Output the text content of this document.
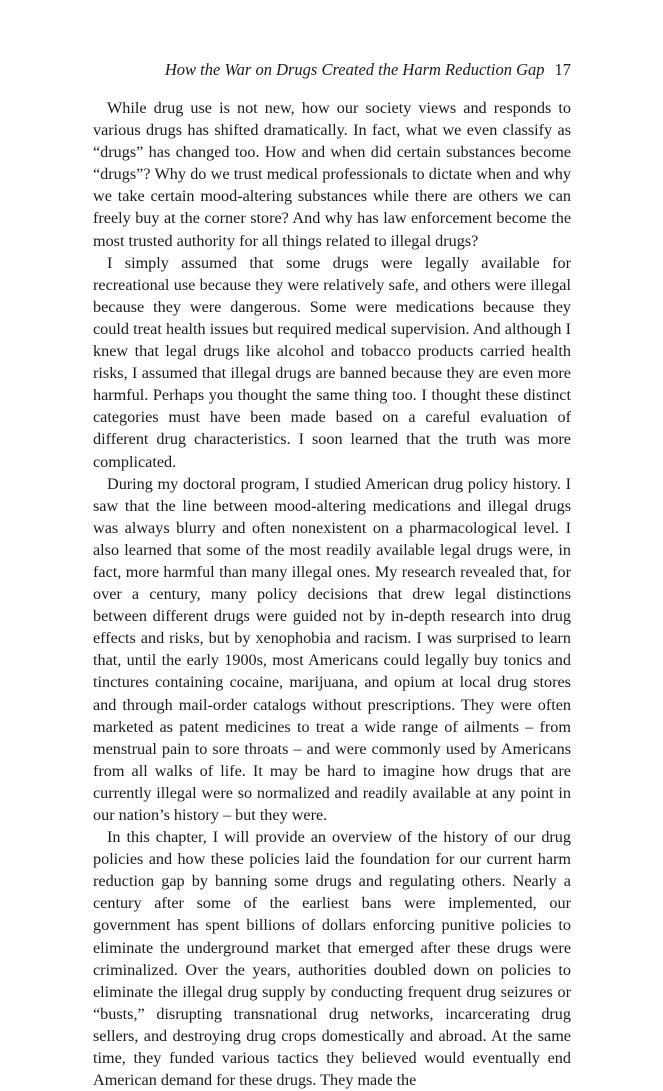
How the War on Drugs Created the Harm Reduction Gap 17

While drug use is not new, how our society views and responds to various drugs has shifted dramatically. In fact, what we even classify as “drugs” has changed too. How and when did certain substances become “drugs”? Why do we trust medical professionals to dictate when and why we take certain mood-altering substances while there are others we can freely buy at the corner store? And why has law enforcement become the most trusted authority for all things related to illegal drugs?

I simply assumed that some drugs were legally available for recreational use because they were relatively safe, and others were illegal because they were dangerous. Some were medications because they could treat health issues but required medical supervision. And although I knew that legal drugs like alcohol and tobacco products carried health risks, I assumed that illegal drugs are banned because they are even more harmful. Perhaps you thought the same thing too. I thought these distinct categories must have been made based on a careful evaluation of different drug characteristics. I soon learned that the truth was more complicated.

During my doctoral program, I studied American drug policy history. I saw that the line between mood-altering medications and illegal drugs was always blurry and often nonexistent on a pharmacological level. I also learned that some of the most readily available legal drugs were, in fact, more harmful than many illegal ones. My research revealed that, for over a century, many policy decisions that drew legal distinctions between different drugs were guided not by in-depth research into drug effects and risks, but by xenophobia and racism. I was surprised to learn that, until the early 1900s, most Americans could legally buy tonics and tinctures containing cocaine, marijuana, and opium at local drug stores and through mail-order catalogs without prescriptions. They were often marketed as patent medicines to treat a wide range of ailments – from menstrual pain to sore throats – and were commonly used by Americans from all walks of life. It may be hard to imagine how drugs that are currently illegal were so normalized and readily available at any point in our nation’s history – but they were.

In this chapter, I will provide an overview of the history of our drug policies and how these policies laid the foundation for our current harm reduction gap by banning some drugs and regulating others. Nearly a century after some of the earliest bans were implemented, our government has spent billions of dollars enforcing punitive policies to eliminate the underground market that emerged after these drugs were criminalized. Over the years, authorities doubled down on policies to eliminate the illegal drug supply by conducting frequent drug seizures or “busts,” disrupting transnational drug networks, incarcerating drug sellers, and destroying drug crops domestically and abroad. At the same time, they funded various tactics they believed would eventually end American demand for these drugs. They made the
